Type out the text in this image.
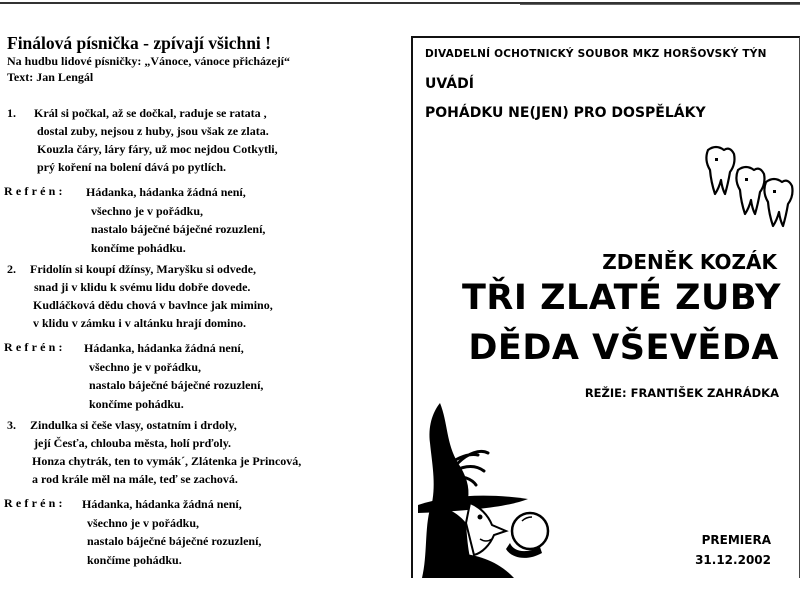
Finálová písnička - zpívají všichni !
Na hudbu lidové písničky: „Vánoce, vánoce přicházejí“
Text: Jan Lengál
1. Král si počkal, až se dočkal, raduje se ratata ,
dostal zuby, nejsou z huby, jsou však ze zlata.
Kouzla čáry, láry fáry, už moc nejdou Cotkytli,
prý koření na bolení dává po pytlích.
Refrén: Hádanka, hádanka žádná není,
všechno je v pořádku,
nastalo báječné báječné rozuzlení,
končíme pohádku.
2. Fridolín si koupí džínsy, Maryšku si odvede,
snad ji v klidu k svému lidu dobře dovede.
Kudláčková dědu chová v bavlnce jak mimino,
v klidu v zámku i v altánku hrají domino.
Refrén: Hádanka, hádanka žádná není,
všechno je v pořádku,
nastalo báječné báječné rozuzlení,
končíme pohádku.
3. Zindulka si češe vlasy, ostatním i drdoly,
její Česťa, chlouba města, holí prďoly.
Honza chytrák, ten to vymák´, Zlátenka je Princová,
a rod krále měl na mále, teď se zachová.
Refrén: Hádanka, hádanka žádná není,
všechno je v pořádku,
nastalo báječné báječné rozuzlení,
končíme pohádku.
DIVADELNÍ OCHOTNICKÝ SOUBOR MKZ HORŠOVSKÝ TÝN
UVÁDÍ
POHÁDKU NE(JEN) PRO DOSPĚLÁKY
ZDENĚK KOZÁK
TŘI ZLATÉ ZUBY
DĚDA VŠEVĚDA
REŽIE: FRANTIŠEK ZAHRÁDKA
PREMIERA
31.12.2002
